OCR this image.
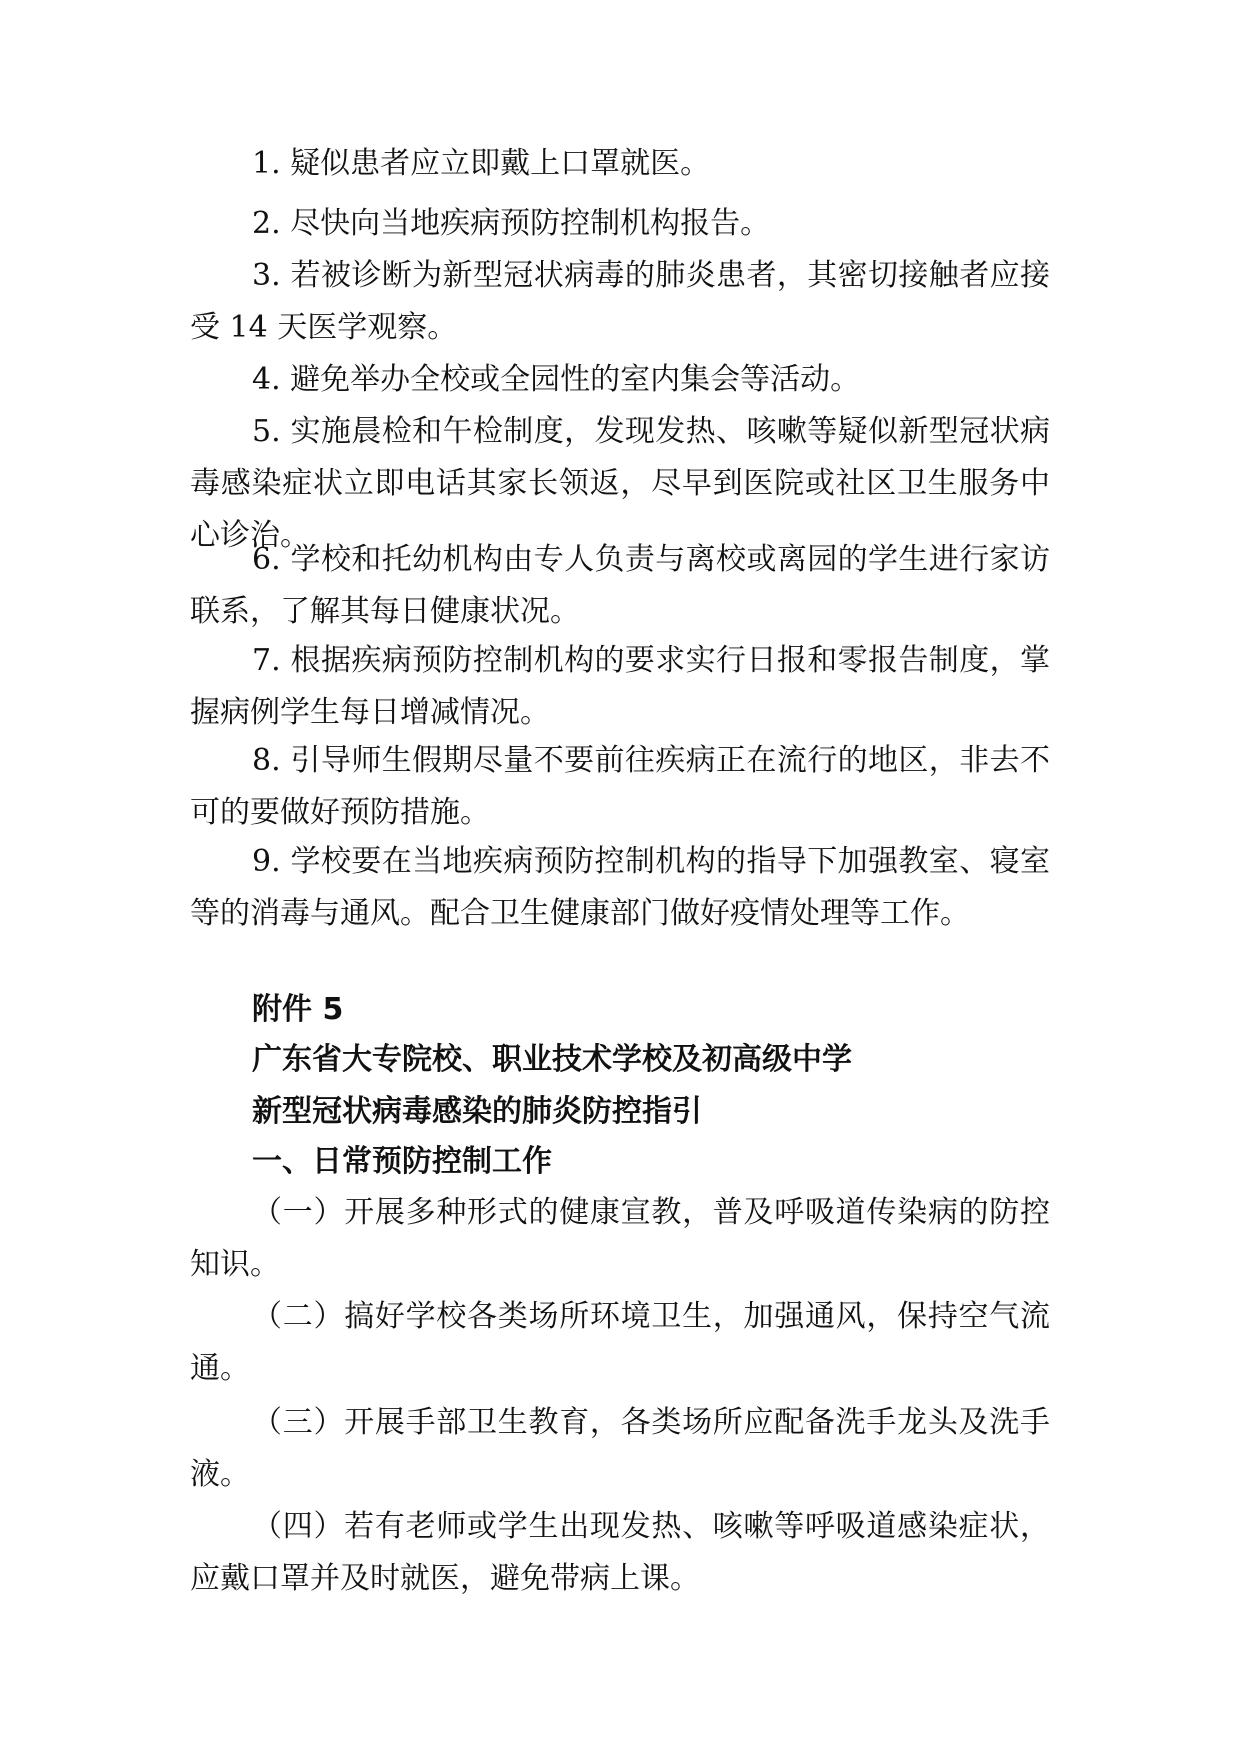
1. 疑似患者应立即戴上口罩就医。

2. 尽快向当地疾病预防控制机构报告。

3. 若被诊断为新型冠状病毒的肺炎患者，其密切接触者应接受 14 天医学观察。

4. 避免举办全校或全园性的室内集会等活动。

5. 实施晨检和午检制度，发现发热、咳嗽等疑似新型冠状病毒感染症状立即电话其家长领返，尽早到医院或社区卫生服务中心诊治。

6. 学校和托幼机构由专人负责与离校或离园的学生进行家访联系，了解其每日健康状况。

7. 根据疾病预防控制机构的要求实行日报和零报告制度，掌握病例学生每日增减情况。

8. 引导师生假期尽量不要前往疾病正在流行的地区，非去不可的要做好预防措施。

9. 学校要在当地疾病预防控制机构的指导下加强教室、寝室等的消毒与通风。配合卫生健康部门做好疫情处理等工作。

附件 5

广东省大专院校、职业技术学校及初高级中学

新型冠状病毒感染的肺炎防控指引

一、日常预防控制工作

（一）开展多种形式的健康宣教，普及呼吸道传染病的防控知识。

（二）搞好学校各类场所环境卫生，加强通风，保持空气流通。

（三）开展手部卫生教育，各类场所应配备洗手龙头及洗手液。

（四）若有老师或学生出现发热、咳嗽等呼吸道感染症状，应戴口罩并及时就医，避免带病上课。
